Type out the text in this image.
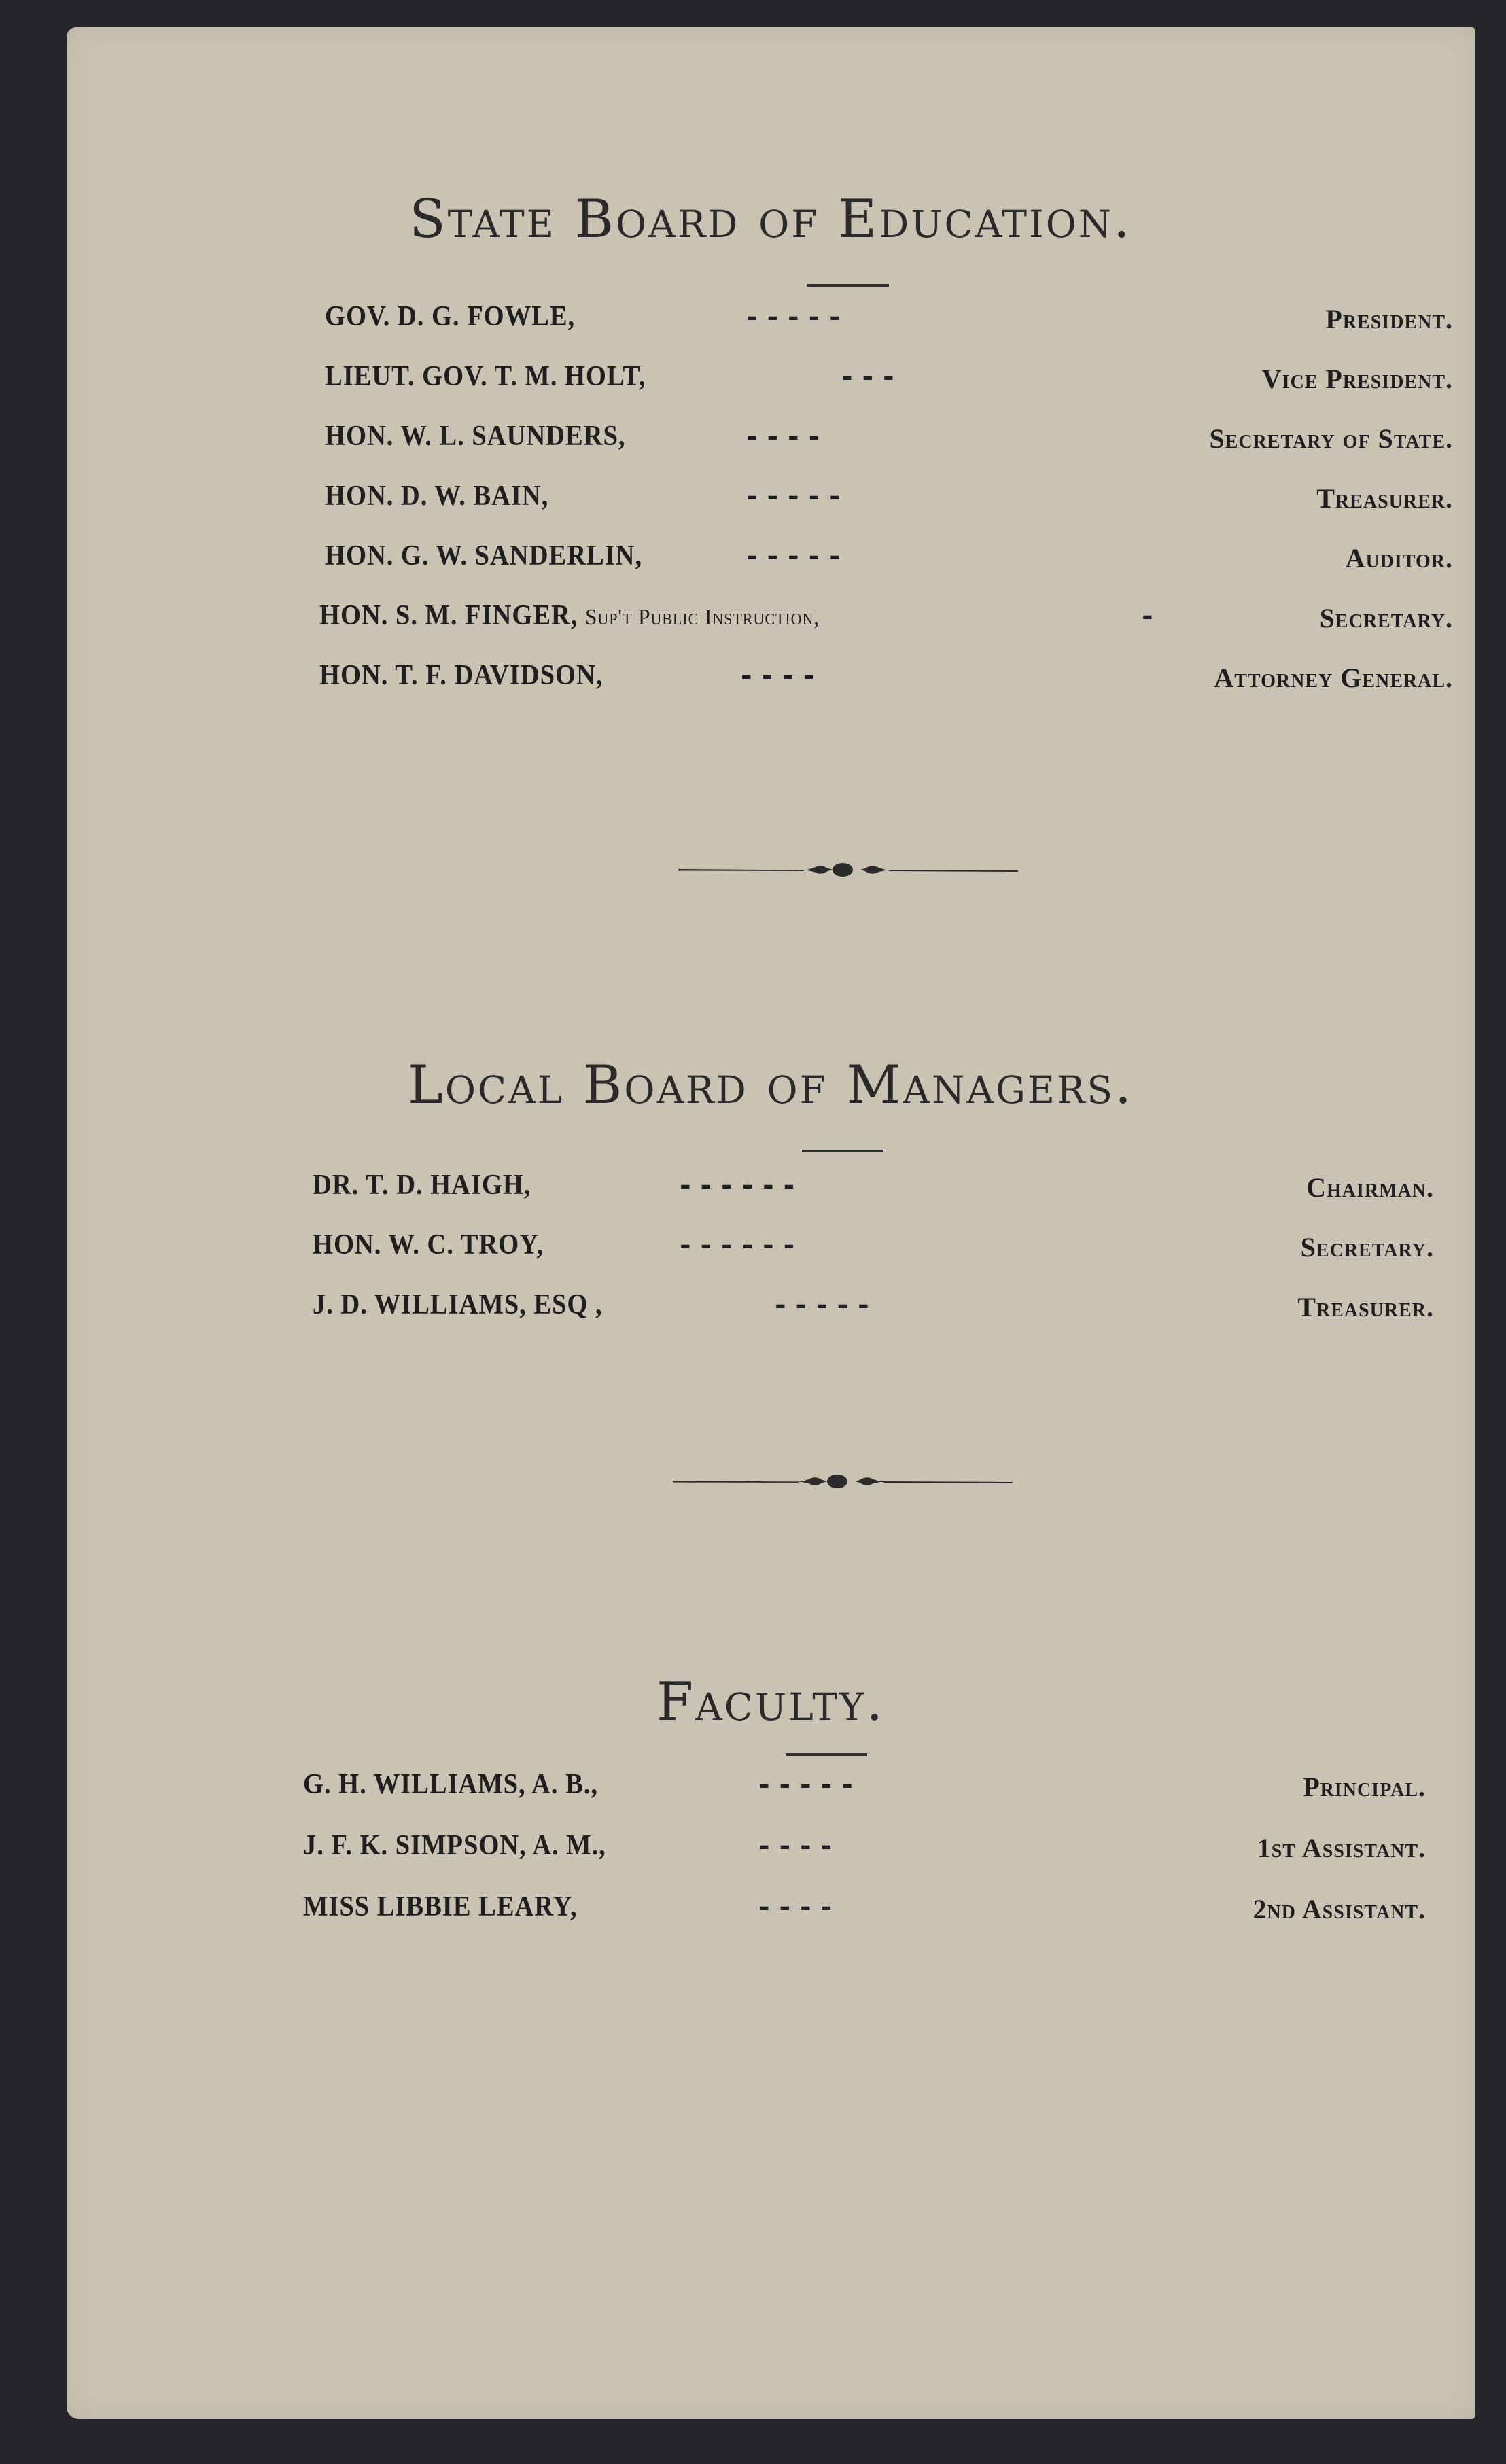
State Board of Education.
GOV. D. G. FOWLE,	- - - - -	President.
LIEUT. GOV. T. M. HOLT,	- - -	Vice President.
HON. W. L. SAUNDERS,	- - - -	Secretary of State.
HON. D. W. BAIN,	- - - - -	Treasurer.
HON. G. W. SANDERLIN,	- - - - -	Auditor.
HON. S. M. FINGER, Sup't Public Instruction,	-	Secretary.
HON. T. F. DAVIDSON,	- - - -	Attorney General.
Local Board of Managers.
DR. T. D. HAIGH,	- - - - - -	Chairman.
HON. W. C. TROY,	- - - - - -	Secretary.
J. D. WILLIAMS, ESQ ,	- - - - -	Treasurer.
Faculty.
G. H. WILLIAMS, A. B.,	- - - - -	Principal.
J. F. K. SIMPSON, A. M.,	- - - -	1st Assistant.
MISS LIBBIE LEARY,	- - - -	2nd Assistant.
